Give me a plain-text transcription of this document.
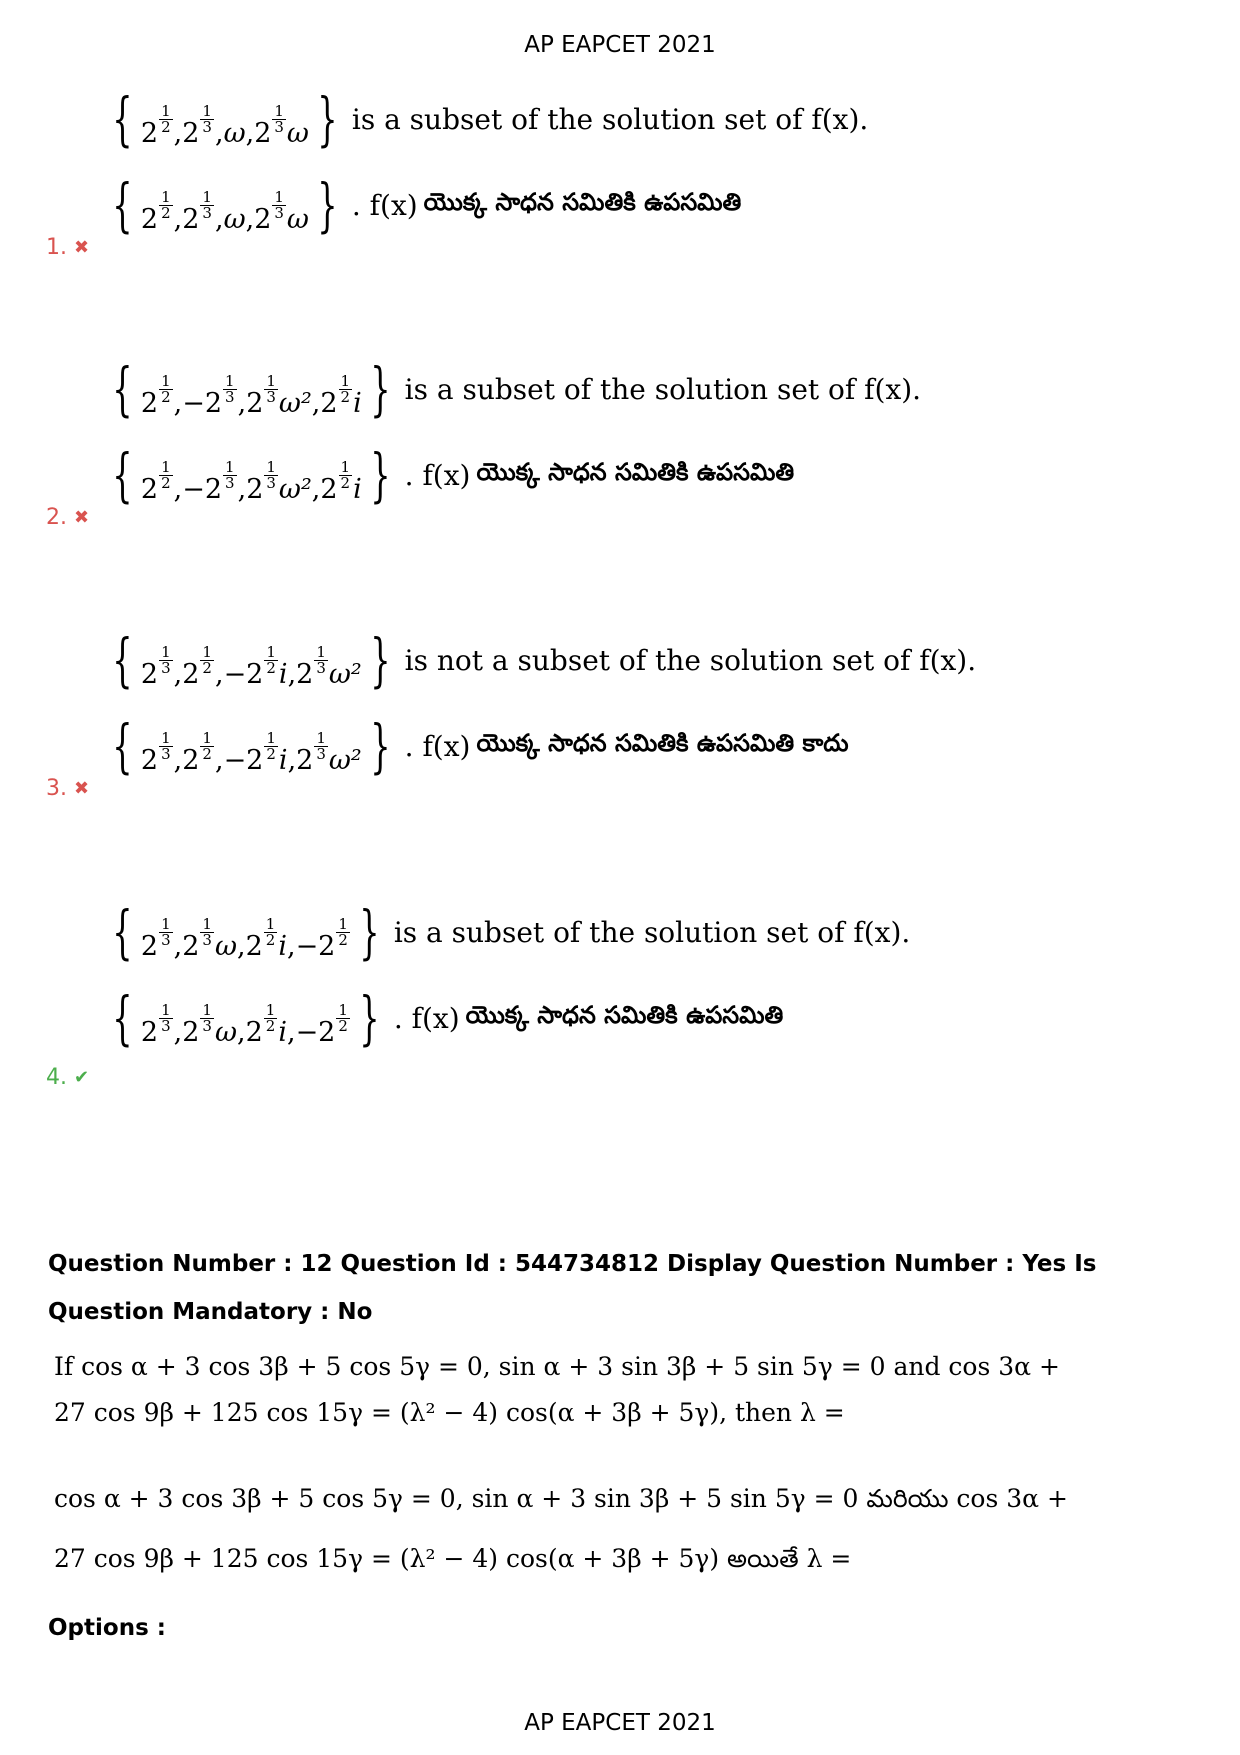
AP EAPCET 2021
{ $2 \frac{1}{2}$ , $2 \frac{1}{3}$ , ω, $2 \frac{1}{3}$ ω } is a subset of the solution set of f(x).
{ $2 \frac{1}{2}$ , $2 \frac{1}{3}$ , ω, $2 \frac{1}{3}$ ω } . f(x) యొక్క సాధన సమితికి ఉపసమితి
1. ✖
{ $2 \frac{1}{2}$ , $-2 \frac{1}{3}$ , $2 \frac{1}{3} \omega^2$, $2 \frac{1}{2}$ i } is a subset of the solution set of f(x).
{ $2 \frac{1}{2}$ , $-2 \frac{1}{3}$ , $2 \frac{1}{3} \omega^2$, $2 \frac{1}{2}$ i } . f(x) యొక్క సాధన సమితికి ఉపసమితి
2. ✖
{ $2 \frac{1}{3}$ , $2 \frac{1}{2}$ , $-2 \frac{1}{2} i$, $2 \frac{1}{3} \omega^2$ } is not a subset of the solution set of f(x).
{ $2 \frac{1}{3}$ , $2 \frac{1}{2}$ , $-2 \frac{1}{2} i$, $2 \frac{1}{3} \omega^2$ } . f(x) యొక్క సాధన సమితికి ఉపసమితి కాదు
3. ✖
{ $2 \frac{1}{3}$ , $2 \frac{1}{3} \omega$, $2 \frac{1}{2} i$, $-2 \frac{1}{2}$ } is a subset of the solution set of f(x).
{ $2 \frac{1}{3}$ , $2 \frac{1}{3} \omega$, $2 \frac{1}{2} i$, $-2 \frac{1}{2}$ } . f(x) యొక్క సాధన సమితికి ఉపసమితి
4. ✔
Question Number : 12 Question Id : 544734812 Display Question Number : Yes Is Question Mandatory : No
If cos α + 3 cos 3β + 5 cos 5γ = 0, sin α + 3 sin 3β + 5 sin 5γ = 0 and cos 3α +
27 cos 9β + 125 cos 15γ = (λ² − 4) cos(α + 3β + 5γ), then λ =
cos α + 3 cos 3β + 5 cos 5γ = 0, sin α + 3 sin 3β + 5 sin 5γ = 0 మరియు cos 3α +
27 cos 9β + 125 cos 15γ = (λ² − 4) cos(α + 3β + 5γ) అయితే λ =
Options :
AP EAPCET 2021
